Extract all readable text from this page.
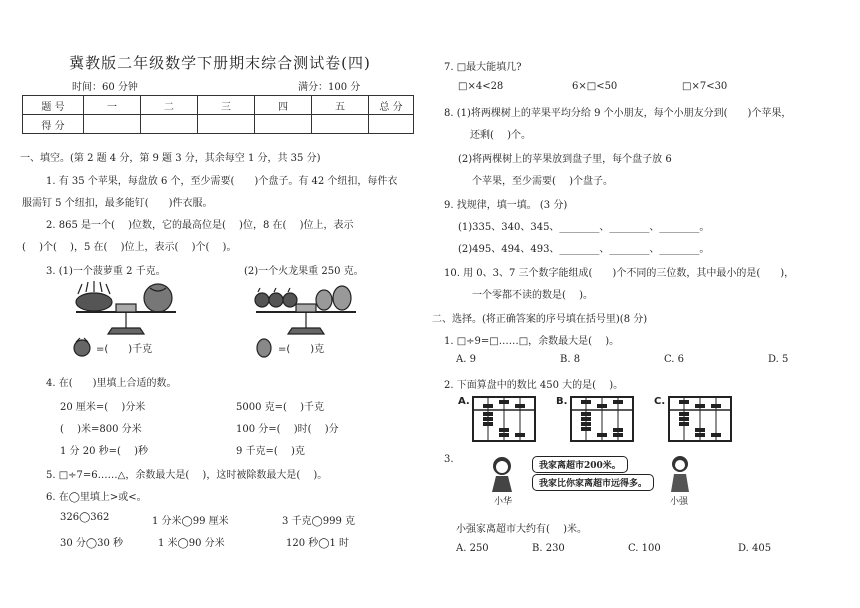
冀教版二年级数学下册期末综合测试卷(四)
时间：60 分钟	满分：100 分
题 号	一	二	三	四	五	总 分
得 分						
一、填空。(第 2 题 4 分，第 9 题 3 分，其余每空 1 分，共 35 分)
1. 有 35 个苹果，每盘放 6 个，至少需要(　　)个盘子。有 42 个纽扣，每件衣
服需钉 5 个纽扣，最多能钉(　　)件衣服。
2. 865 是一个(　 )位数，它的最高位是(　 )位，8 在(　 )位上，表示
(　 )个(　 )，5 在(　 )位上，表示(　 )个(　 )。
3. (1)一个菠萝重 2 千克。	(2)一个火龙果重 250 克。
=(　　)千克	=(　　)克
4. 在(　　)里填上合适的数。
20 厘米=(　 )分米	5000 克=(　 )千克
(　 )米=800 分米	100 分=(　 )时(　 )分
1 分 20 秒=(　 )秒	9 千克=(　 )克
5. □÷7=6……△，余数最大是(　 )，这时被除数最大是(　 )。
6. 在◯里填上>或<。
326◯362	1 分米◯99 厘米	3 千克◯999 克
30 分◯30 秒	1 米◯90 分米	120 秒◯1 时
7. □最大能填几?
□×4<28	6×□<50	□×7<30
8. (1)将两棵树上的苹果平均分给 9 个小朋友，每个小朋友分到(　　)个苹果，
还剩(　 )个。
(2)将两棵树上的苹果放到盘子里，每个盘子放 6
个苹果，至少需要(　 )个盘子。
9. 找规律，填一填。 (3 分)
(1)335、340、345、________、________、________。
(2)495、494、493、________、________、________。
10. 用 0、3、7 三个数字能组成(　　)个不同的三位数，其中最小的是(　　)，
一个零都不读的数是(　 )。
二、选择。(将正确答案的序号填在括号里)(8 分)
1. □÷9=□……□，余数最大是(　 )。
A. 9	B. 8	C. 6	D. 5
2. 下面算盘中的数比 450 大的是(　 )。
A.	B.	C.
3.
小华
我家离超市200米。
我家比你家离超市远得多。
小强
小强家离超市大约有(　 )米。
A. 250	B. 230	C. 100	D. 405
